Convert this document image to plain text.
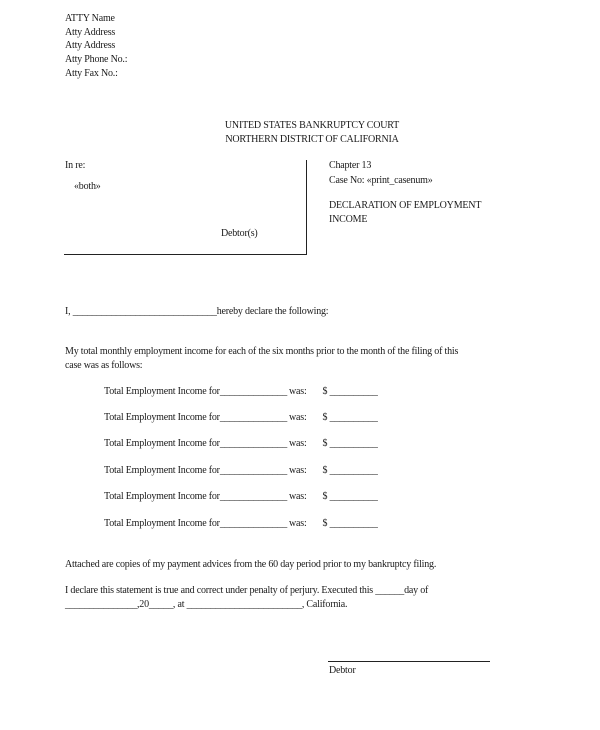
ATTY Name
Atty Address
Atty Address
Atty Phone No.:
Atty Fax No.:
UNITED STATES BANKRUPTCY COURT
NORTHERN DISTRICT OF CALIFORNIA
In re:
«both»
Debtor(s)
Chapter 13
Case No: «print_casenum»
DECLARATION OF EMPLOYMENT
INCOME
I, ______________________________hereby declare the following:
My total monthly employment income for each of the six months prior to the month of the filing of this
case was as follows:
Total Employment Income for______________ was: $ __________
Total Employment Income for______________ was: $ __________
Total Employment Income for______________ was: $ __________
Total Employment Income for______________ was: $ __________
Total Employment Income for______________ was: $ __________
Total Employment Income for______________ was: $ __________
Attached are copies of my payment advices from the 60 day period prior to my bankruptcy filing.
I declare this statement is true and correct under penalty of perjury. Executed this ______day of
_______________,20_____, at ________________________, California.
Debtor
